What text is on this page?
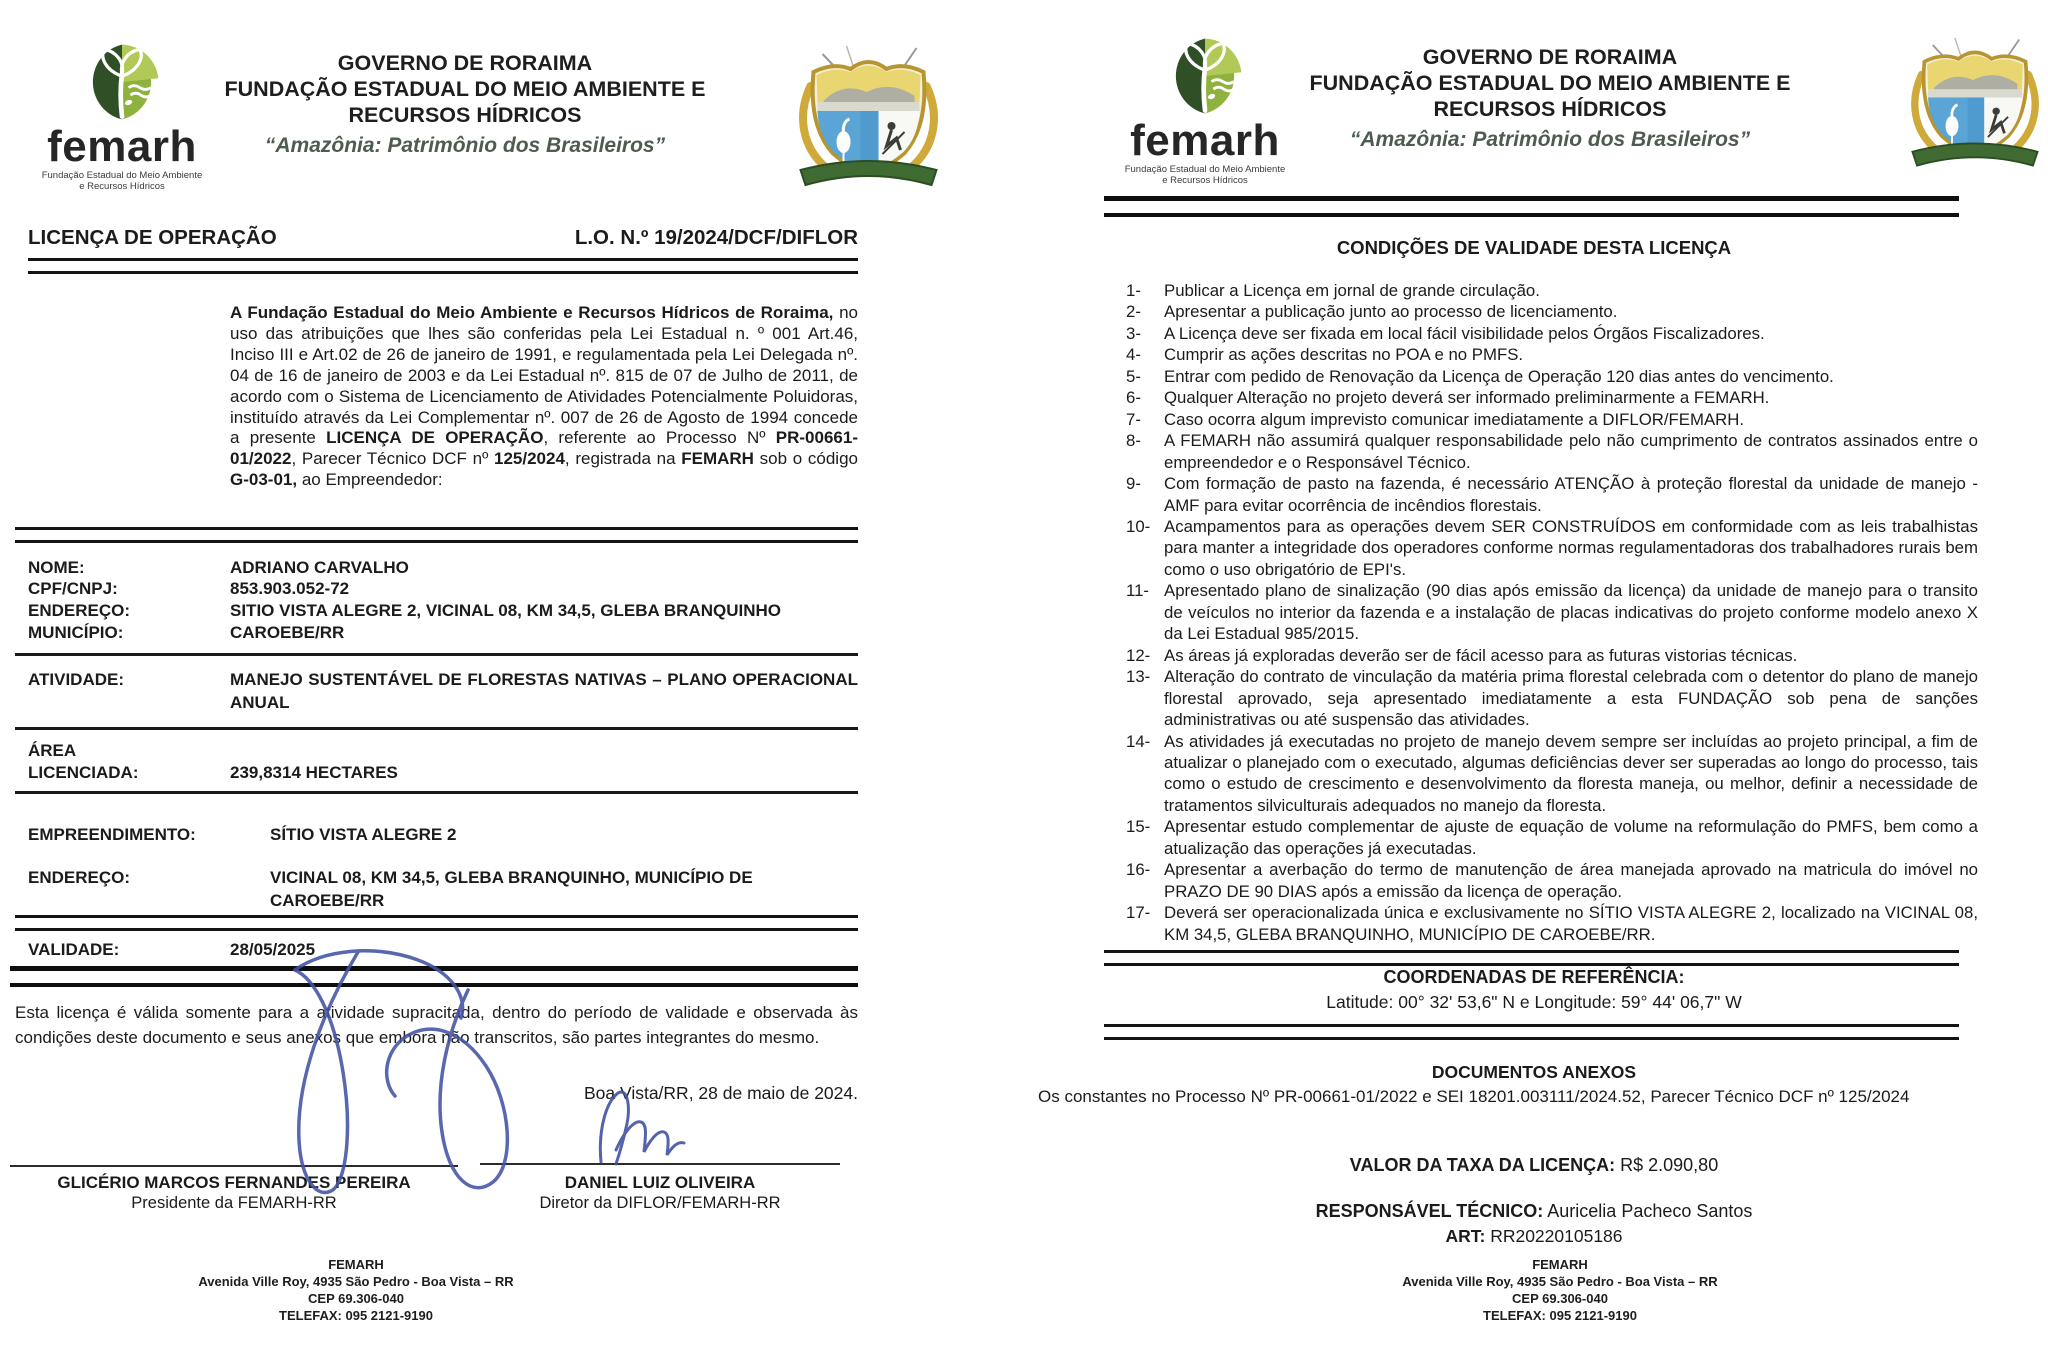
femarh
Fundação Estadual do Meio Ambiente
e Recursos Hídricos
GOVERNO DE RORAIMA
FUNDAÇÃO ESTADUAL DO MEIO AMBIENTE E
RECURSOS HÍDRICOS
“Amazônia: Patrimônio dos Brasileiros”
LICENÇA DE OPERAÇÃO	L.O. N.º 19/2024/DCF/DIFLOR

A Fundação Estadual do Meio Ambiente e Recursos Hídricos de Roraima, no uso das atribuições que lhes são conferidas pela Lei Estadual n. º 001 Art.46, Inciso III e Art.02 de 26 de janeiro de 1991, e regulamentada pela Lei Delegada nº. 04 de 16 de janeiro de 2003 e da Lei Estadual nº. 815 de 07 de Julho de 2011, de acordo com o Sistema de Licenciamento de Atividades Potencialmente Poluidoras, instituído através da Lei Complementar nº. 007 de 26 de Agosto de 1994 concede a presente LICENÇA DE OPERAÇÃO, referente ao Processo Nº PR-00661-01/2022, Parecer Técnico DCF nº 125/2024, registrada na FEMARH sob o código G-03-01, ao Empreendedor:

NOME:	ADRIANO CARVALHO
CPF/CNPJ:	853.903.052-72
ENDEREÇO:	SITIO VISTA ALEGRE 2, VICINAL 08, KM 34,5, GLEBA BRANQUINHO
MUNICÍPIO:	CAROEBE/RR
ATIVIDADE:	MANEJO SUSTENTÁVEL DE FLORESTAS NATIVAS – PLANO OPERACIONAL ANUAL
ÁREA
LICENCIADA:	239,8314 HECTARES
EMPREENDIMENTO:	SÍTIO VISTA ALEGRE 2
ENDEREÇO:	VICINAL 08, KM 34,5, GLEBA BRANQUINHO, MUNICÍPIO DE CAROEBE/RR
VALIDADE:	28/05/2025

Esta licença é válida somente para a atividade supracitada, dentro do período de validade e observada às condições deste documento e seus anexos que embora não transcritos, são partes integrantes do mesmo.

Boa Vista/RR, 28 de maio de 2024.
GLICÉRIO MARCOS FERNANDES PEREIRA
Presidente da FEMARH-RR
DANIEL LUIZ OLIVEIRA
Diretor da DIFLOR/FEMARH-RR
FEMARH
Avenida Ville Roy, 4935 São Pedro - Boa Vista – RR
CEP 69.306-040
TELEFAX: 095 2121-9190
femarh
Fundação Estadual do Meio Ambiente
e Recursos Hídricos
GOVERNO DE RORAIMA
FUNDAÇÃO ESTADUAL DO MEIO AMBIENTE E
RECURSOS HÍDRICOS
“Amazônia: Patrimônio dos Brasileiros”
CONDIÇÕES DE VALIDADE DESTA LICENÇA
1-	Publicar a Licença em jornal de grande circulação.
2-	Apresentar a publicação junto ao processo de licenciamento.
3-	A Licença deve ser fixada em local fácil visibilidade pelos Órgãos Fiscalizadores.
4-	Cumprir as ações descritas no POA e no PMFS.
5-	Entrar com pedido de Renovação da Licença de Operação 120 dias antes do vencimento.
6-	Qualquer Alteração no projeto deverá ser informado preliminarmente a FEMARH.
7-	Caso ocorra algum imprevisto comunicar imediatamente a DIFLOR/FEMARH.
8-	A FEMARH não assumirá qualquer responsabilidade pelo não cumprimento de contratos assinados entre o empreendedor e o Responsável Técnico.
9-	Com formação de pasto na fazenda, é necessário ATENÇÃO à proteção florestal da unidade de manejo - AMF para evitar ocorrência de incêndios florestais.
10- Acampamentos para as operações devem SER CONSTRUÍDOS em conformidade com as leis trabalhistas para manter a integridade dos operadores conforme normas regulamentadoras dos trabalhadores rurais bem como o uso obrigatório de EPI's.
11- Apresentado plano de sinalização (90 dias após emissão da licença) da unidade de manejo para o transito de veículos no interior da fazenda e a instalação de placas indicativas do projeto conforme modelo anexo X da Lei Estadual 985/2015.
12- As áreas já exploradas deverão ser de fácil acesso para as futuras vistorias técnicas.
13- Alteração do contrato de vinculação da matéria prima florestal celebrada com o detentor do plano de manejo florestal aprovado, seja apresentado imediatamente a esta FUNDAÇÃO sob pena de sanções administrativas ou até suspensão das atividades.
14- As atividades já executadas no projeto de manejo devem sempre ser incluídas ao projeto principal, a fim de atualizar o planejado com o executado, algumas deficiências dever ser superadas ao longo do processo, tais como o estudo de crescimento e desenvolvimento da floresta maneja, ou melhor, definir a necessidade de tratamentos silviculturais adequados no manejo da floresta.
15- Apresentar estudo complementar de ajuste de equação de volume na reformulação do PMFS, bem como a atualização das operações já executadas.
16- Apresentar a averbação do termo de manutenção de área manejada aprovado na matricula do imóvel no PRAZO DE 90 DIAS após a emissão da licença de operação.
17- Deverá ser operacionalizada única e exclusivamente no SÍTIO VISTA ALEGRE 2, localizado na VICINAL 08, KM 34,5, GLEBA BRANQUINHO, MUNICÍPIO DE CAROEBE/RR.
COORDENADAS DE REFERÊNCIA:
Latitude: 00° 32' 53,6" N e Longitude: 59° 44' 06,7" W
DOCUMENTOS ANEXOS
Os constantes no Processo Nº PR-00661-01/2022 e SEI 18201.003111/2024.52, Parecer Técnico DCF nº 125/2024
VALOR DA TAXA DA LICENÇA: R$ 2.090,80
RESPONSÁVEL TÉCNICO: Auricelia Pacheco Santos
ART: RR20220105186
FEMARH
Avenida Ville Roy, 4935 São Pedro - Boa Vista – RR
CEP 69.306-040
TELEFAX: 095 2121-9190
